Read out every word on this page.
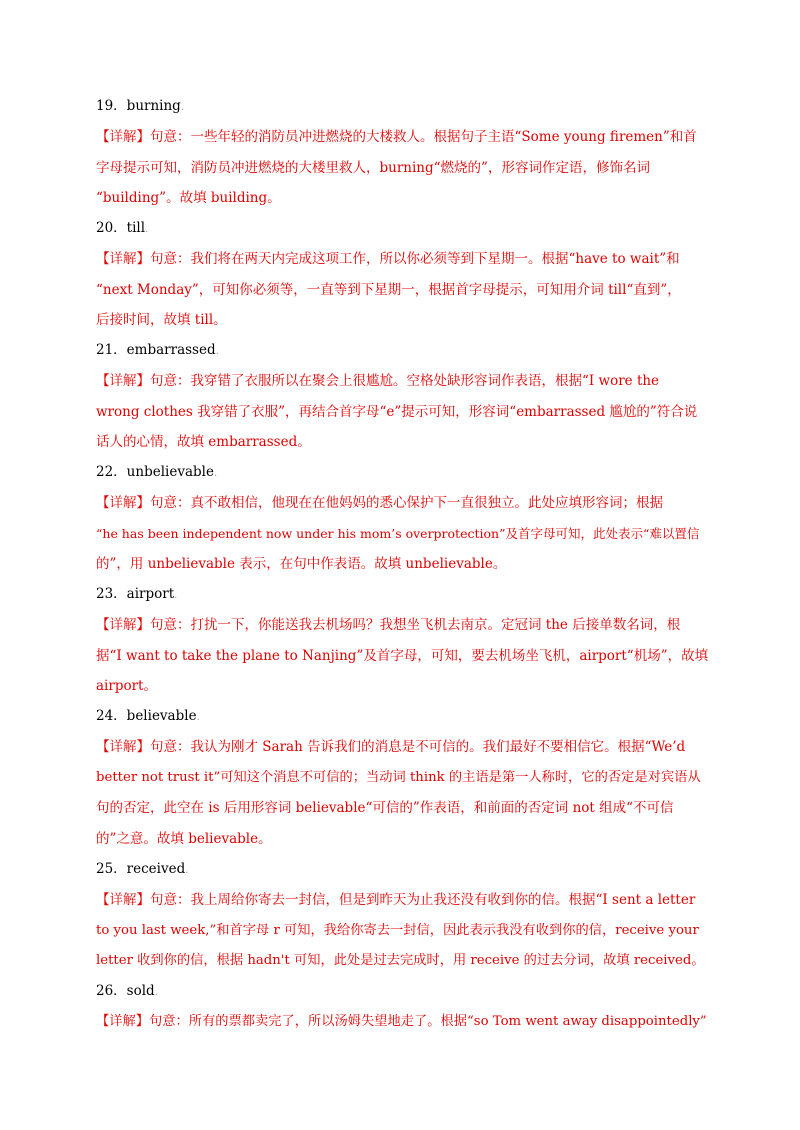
19．burning.
【详解】句意：一些年轻的消防员冲进燃烧的大楼救人。根据句子主语“Some young firemen”和首
字母提示可知，消防员冲进燃烧的大楼里救人，burning“燃烧的”，形容词作定语，修饰名词
“building”。故填 building。
20．till.
【详解】句意：我们将在两天内完成这项工作，所以你必须等到下星期一。根据“have to wait”和
“next Monday”，可知你必须等，一直等到下星期一，根据首字母提示，可知用介词 till“直到”，
后接时间，故填 till。
21．embarrassed.
【详解】句意：我穿错了衣服所以在聚会上很尴尬。空格处缺形容词作表语，根据“I wore the
wrong clothes 我穿错了衣服”，再结合首字母“e”提示可知，形容词“embarrassed 尴尬的”符合说
话人的心情，故填 embarrassed。
22．unbelievable.
【详解】句意：真不敢相信，他现在在他妈妈的悉心保护下一直很独立。此处应填形容词；根据
“he has been independent now under his mom’s overprotection”及首字母可知，此处表示“难以置信
的”，用 unbelievable 表示，在句中作表语。故填 unbelievable。
23．airport.
【详解】句意：打扰一下，你能送我去机场吗？我想坐飞机去南京。定冠词 the 后接单数名词，根
据“I want to take the plane to Nanjing”及首字母，可知，要去机场坐飞机，airport“机场”，故填
airport。
24．believable.
【详解】句意：我认为刚才 Sarah 告诉我们的消息是不可信的。我们最好不要相信它。根据“We’d
better not trust it”可知这个消息不可信的；当动词 think 的主语是第一人称时，它的否定是对宾语从
句的否定，此空在 is 后用形容词 believable“可信的”作表语，和前面的否定词 not 组成“不可信
的”之意。故填 believable。
25．received.
【详解】句意：我上周给你寄去一封信，但是到昨天为止我还没有收到你的信。根据“I sent a letter
to you last week,”和首字母 r 可知，我给你寄去一封信，因此表示我没有收到你的信，receive your
letter 收到你的信，根据 hadn't 可知，此处是过去完成时，用 receive 的过去分词，故填 received。
26．sold.
【详解】句意：所有的票都卖完了，所以汤姆失望地走了。根据“so Tom went away disappointedly”
